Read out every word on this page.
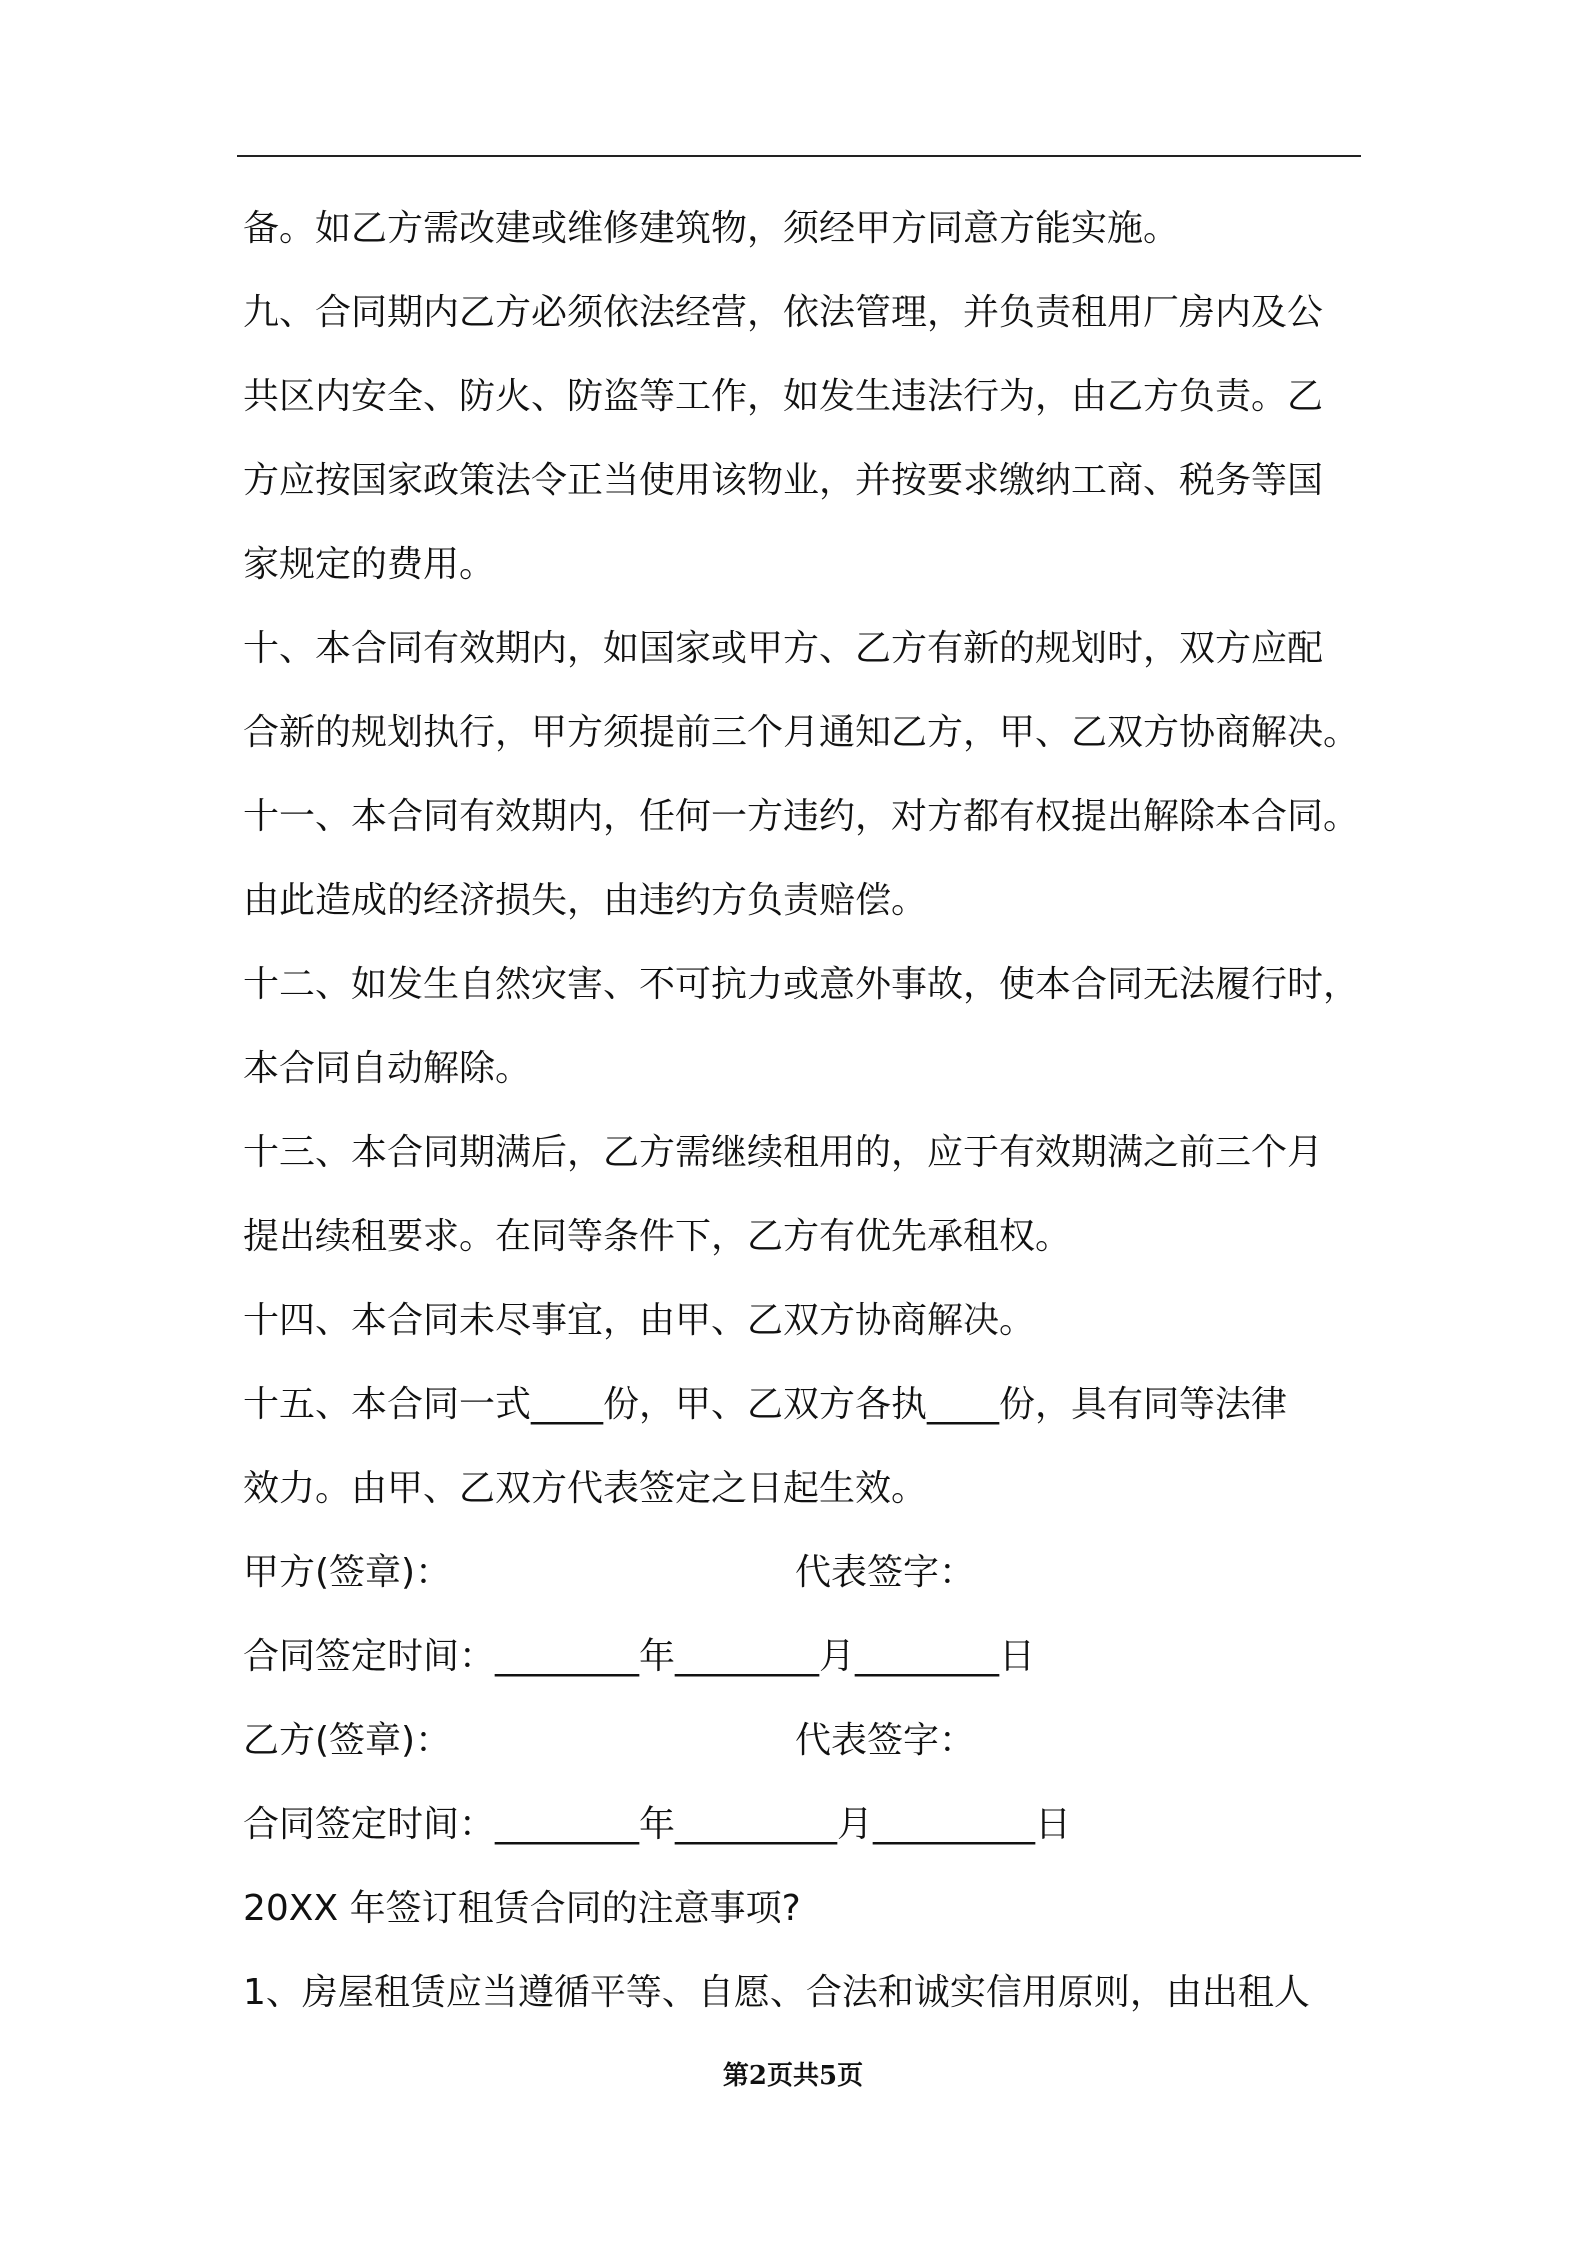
备。如乙方需改建或维修建筑物，须经甲方同意方能实施。
九、合同期内乙方必须依法经营，依法管理，并负责租用厂房内及公
共区内安全、防火、防盗等工作，如发生违法行为，由乙方负责。乙
方应按国家政策法令正当使用该物业，并按要求缴纳工商、税务等国
家规定的费用。
十、本合同有效期内，如国家或甲方、乙方有新的规划时，双方应配
合新的规划执行，甲方须提前三个月通知乙方，甲、乙双方协商解决。
十一、本合同有效期内，任何一方违约，对方都有权提出解除本合同。
由此造成的经济损失，由违约方负责赔偿。
十二、如发生自然灾害、不可抗力或意外事故，使本合同无法履行时，
本合同自动解除。
十三、本合同期满后，乙方需继续租用的，应于有效期满之前三个月
提出续租要求。在同等条件下，乙方有优先承租权。
十四、本合同未尽事宜，由甲、乙双方协商解决。
十五、本合同一式____份，甲、乙双方各执____份，具有同等法律
效力。由甲、乙双方代表签定之日起生效。
甲方(签章)：	代表签字：
合同签定时间：________年________月________日
乙方(签章)：	代表签字：
合同签定时间：________年_________月_________日
20XX 年签订租赁合同的注意事项?
1、房屋租赁应当遵循平等、自愿、合法和诚实信用原则，由出租人
第2页共5页
